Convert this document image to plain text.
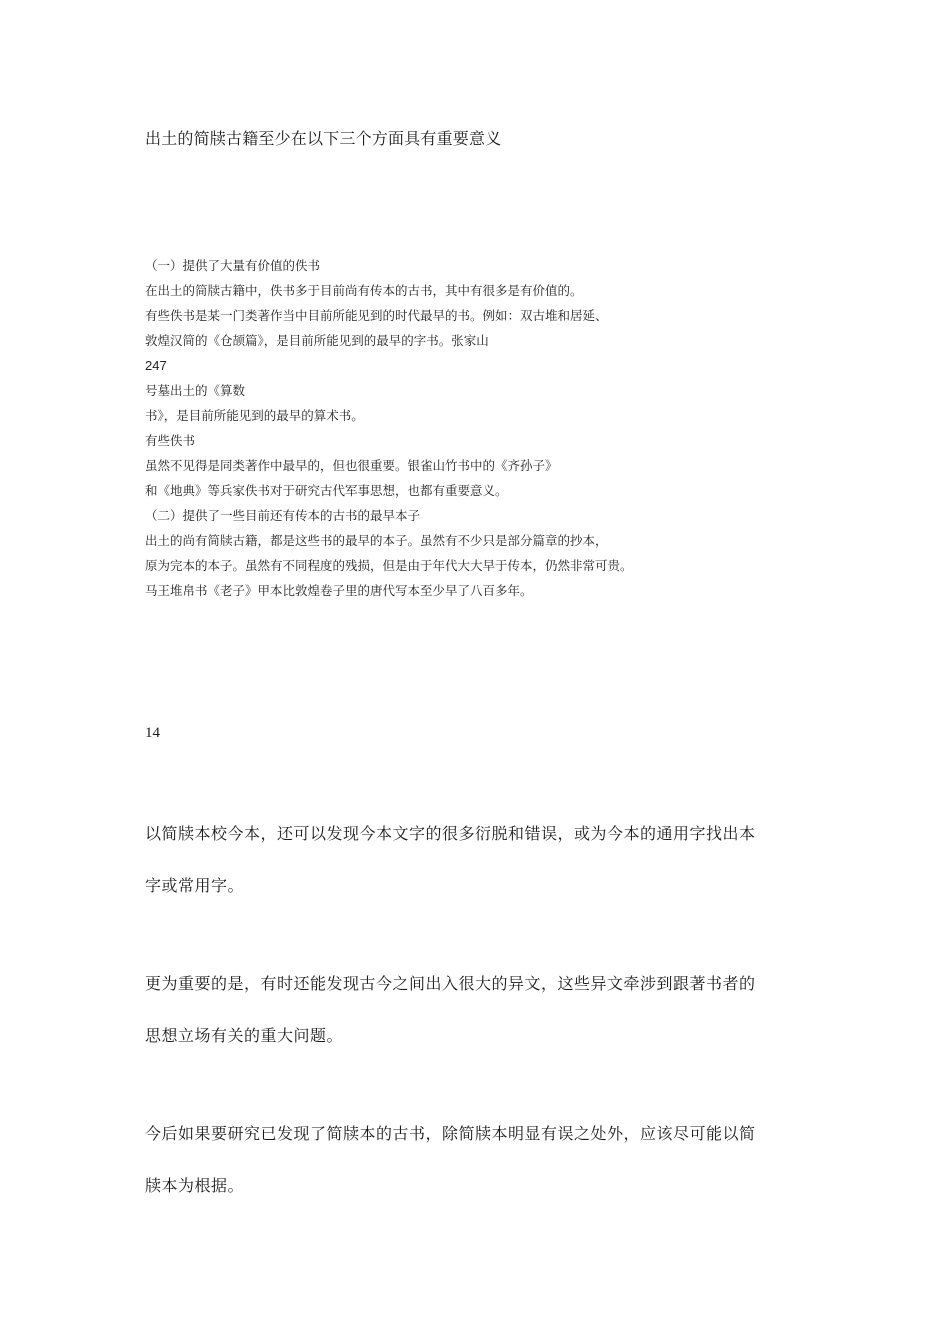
出土的简牍古籍至少在以下三个方面具有重要意义
（一）提供了大量有价值的佚书
在出土的简牍古籍中，佚书多于目前尚有传本的古书，其中有很多是有价值的。
有些佚书是某一门类著作当中目前所能见到的时代最早的书。例如：双古堆和居延、
敦煌汉简的《仓颉篇》，是目前所能见到的最早的字书。张家山
247
号墓出土的《算数
书》，是目前所能见到的最早的算术书。
有些佚书
虽然不见得是同类著作中最早的，但也很重要。银雀山竹书中的《齐孙子》
和《地典》等兵家佚书对于研究古代军事思想，也都有重要意义。
（二）提供了一些目前还有传本的古书的最早本子
出土的尚有简牍古籍，都是这些书的最早的本子。虽然有不少只是部分篇章的抄本，
原为完本的本子。虽然有不同程度的残损，但是由于年代大大早于传本，仍然非常可贵。
马王堆帛书《老子》甲本比敦煌卷子里的唐代写本至少早了八百多年。
14
以简牍本校今本，还可以发现今本文字的很多衍脱和错误，或为今本的通用字找出本
字或常用字。
更为重要的是，有时还能发现古今之间出入很大的异文，这些异文牵涉到跟著书者的
思想立场有关的重大问题。
今后如果要研究已发现了简牍本的古书，除简牍本明显有误之处外，应该尽可能以简
牍本为根据。
